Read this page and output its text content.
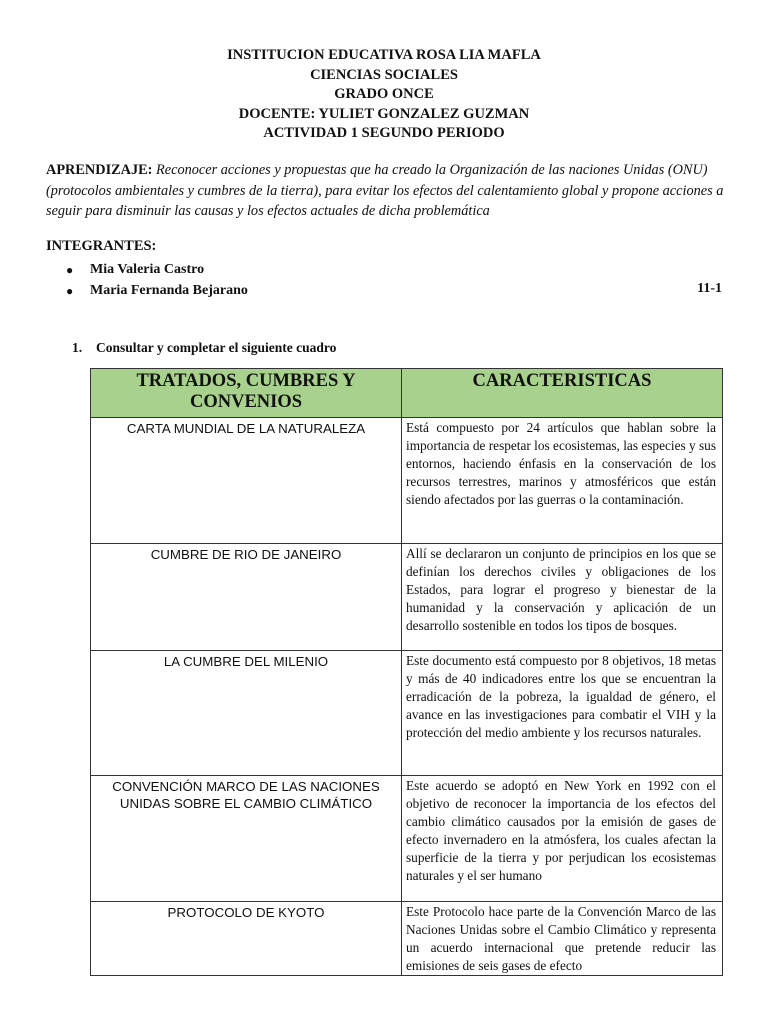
INSTITUCION EDUCATIVA ROSA LIA MAFLA
CIENCIAS SOCIALES
GRADO ONCE
DOCENTE: YULIET GONZALEZ GUZMAN
ACTIVIDAD 1 SEGUNDO PERIODO
APRENDIZAJE: Reconocer acciones y propuestas que ha creado la Organización de las naciones Unidas (ONU) (protocolos ambientales y cumbres de la tierra), para evitar los efectos del calentamiento global y propone acciones a seguir para disminuir las causas y los efectos actuales de dicha problemática
INTEGRANTES:
● Mia Valeria Castro
● Maria Fernanda Bejarano	11-1
1. Consultar y completar el siguiente cuadro
TRATADOS, CUMBRES Y CONVENIOS	CARACTERISTICAS
CARTA MUNDIAL DE LA NATURALEZA	Está compuesto por 24 artículos que hablan sobre la importancia de respetar los ecosistemas, las especies y sus entornos, haciendo énfasis en la conservación de los recursos terrestres, marinos y atmosféricos que están siendo afectados por las guerras o la contaminación.
CUMBRE DE RIO DE JANEIRO	Allí se declararon un conjunto de principios en los que se definían los derechos civiles y obligaciones de los Estados, para lograr el progreso y bienestar de la humanidad y la conservación y aplicación de un desarrollo sostenible en todos los tipos de bosques.
LA CUMBRE DEL MILENIO	Este documento está compuesto por 8 objetivos, 18 metas y más de 40 indicadores entre los que se encuentran la erradicación de la pobreza, la igualdad de género, el avance en las investigaciones para combatir el VIH y la protección del medio ambiente y los recursos naturales.
CONVENCIÓN MARCO DE LAS NACIONES UNIDAS SOBRE EL CAMBIO CLIMÁTICO	Este acuerdo se adoptó en New York en 1992 con el objetivo de reconocer la importancia de los efectos del cambio climático causados por la emisión de gases de efecto invernadero en la atmósfera, los cuales afectan la superficie de la tierra y por perjudican los ecosistemas naturales y el ser humano
PROTOCOLO DE KYOTO	Este Protocolo hace parte de la Convención Marco de las Naciones Unidas sobre el Cambio Climático y representa un acuerdo internacional que pretende reducir las emisiones de seis gases de efecto
